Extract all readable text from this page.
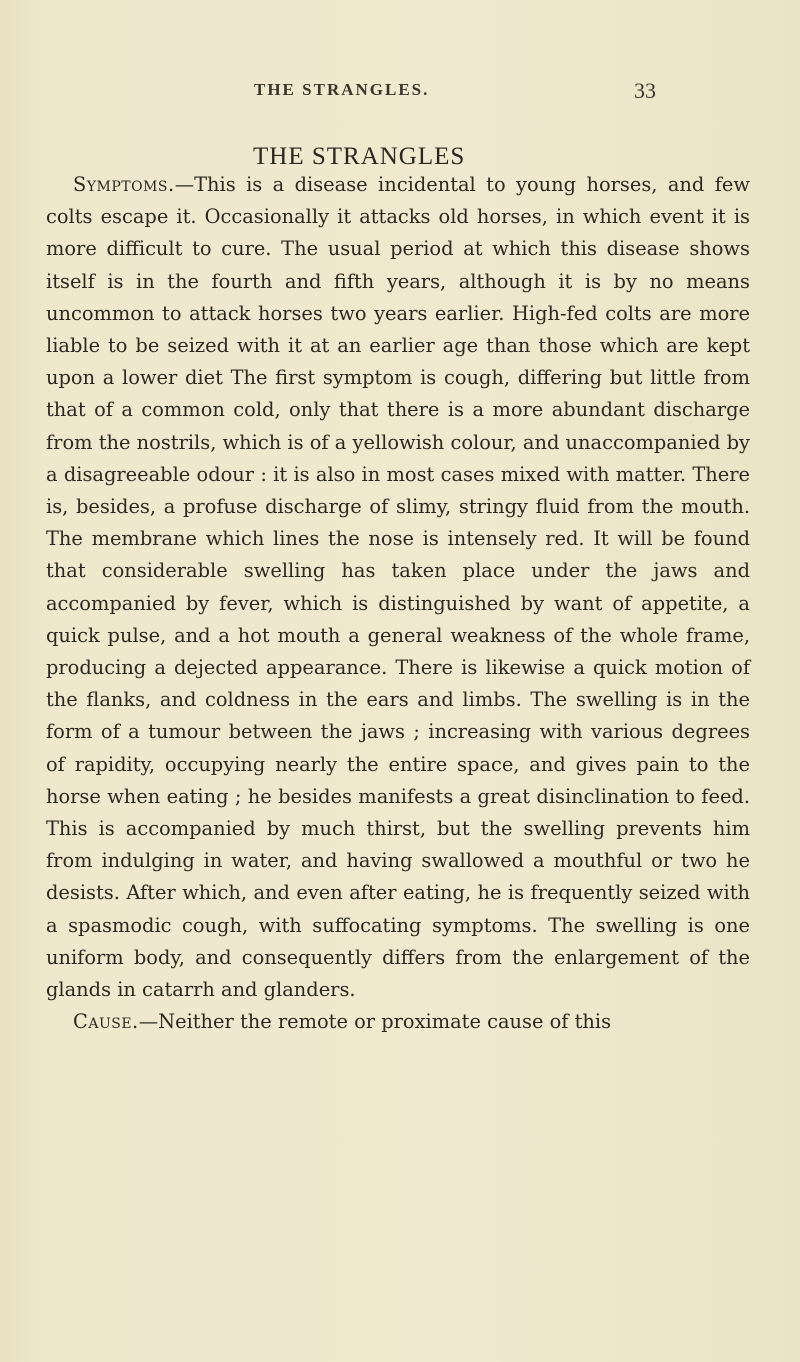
THE STRANGLES.	33
THE STRANGLES

Symptoms.—This is a disease incidental to young horses, and few colts escape it. Occasionally it attacks old horses, in which event it is more difficult to cure. The usual period at which this disease shows itself is in the fourth and fifth years, although it is by no means uncommon to attack horses two years earlier. High-fed colts are more liable to be seized with it at an earlier age than those which are kept upon a lower diet The first symptom is cough, differing but little from that of a common cold, only that there is a more abundant discharge from the nostrils, which is of a yellowish colour, and unaccompanied by a disagreeable odour : it is also in most cases mixed with matter. There is, besides, a profuse discharge of slimy, stringy fluid from the mouth. The membrane which lines the nose is intensely red. It will be found that considerable swelling has taken place under the jaws and accompanied by fever, which is distinguished by want of appetite, a quick pulse, and a hot mouth a general weakness of the whole frame, producing a dejected appearance. There is likewise a quick motion of the flanks, and coldness in the ears and limbs. The swelling is in the form of a tumour between the jaws ; increasing with various degrees of rapidity, occupying nearly the entire space, and gives pain to the horse when eating ; he besides manifests a great disinclination to feed. This is accompanied by much thirst, but the swelling prevents him from indulging in water, and having swallowed a mouthful or two he desists. After which, and even after eating, he is frequently seized with a spasmodic cough, with suffocating symptoms. The swelling is one uniform body, and consequently differs from the enlargement of the glands in catarrh and glanders.

Cause.—Neither the remote or proximate cause of this
